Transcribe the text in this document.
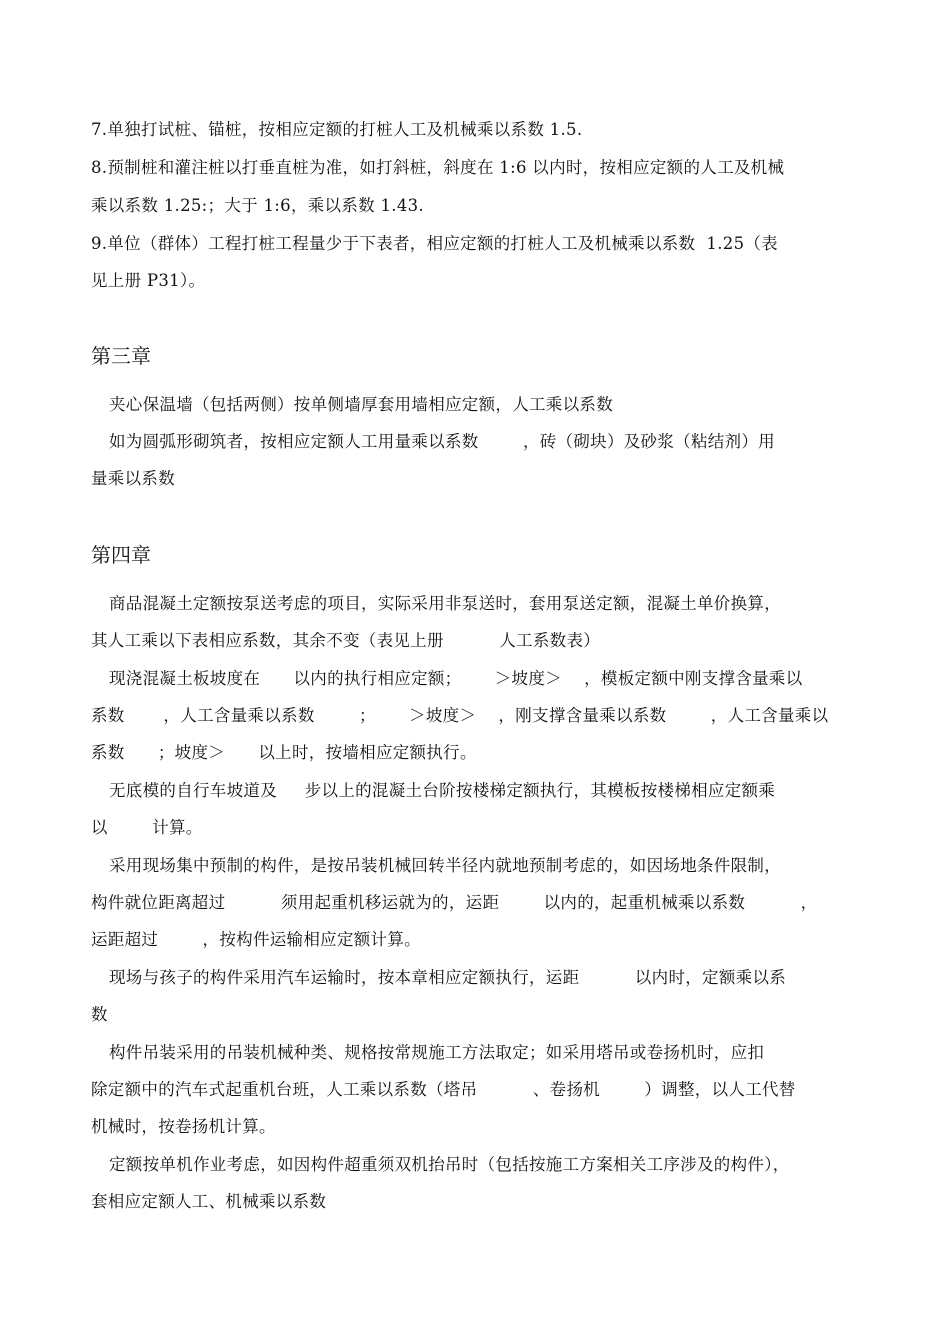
7.单独打试桩、锚桩，按相应定额的打桩人工及机械乘以系数 1.5.
8.预制桩和灌注桩以打垂直桩为准，如打斜桩，斜度在 1:6 以内时，按相应定额的人工及机械
乘以系数 1.25:；大于 1:6，乘以系数 1.43.
9.单位（群体）工程打桩工程量少于下表者，相应定额的打桩人工及机械乘以系数  1.25（表
见上册 P31）。
第三章
夹心保温墙（包括两侧）按单侧墙厚套用墙相应定额，人工乘以系数
如为圆弧形砌筑者，按相应定额人工用量乘以系数        ，砖（砌块）及砂浆（粘结剂）用
量乘以系数
第四章
商品混凝土定额按泵送考虑的项目，实际采用非泵送时，套用泵送定额，混凝土单价换算，
其人工乘以下表相应系数，其余不变（表见上册          人工系数表）
现浇混凝土板坡度在      以内的执行相应定额；      ＞坡度＞    ，模板定额中刚支撑含量乘以
系数       ，人工含量乘以系数        ；      ＞坡度＞    ，刚支撑含量乘以系数        ，人工含量乘以
系数      ；坡度＞      以上时，按墙相应定额执行。
无底模的自行车坡道及     步以上的混凝土台阶按楼梯定额执行，其模板按楼梯相应定额乘
以        计算。
采用现场集中预制的构件，是按吊装机械回转半径内就地预制考虑的，如因场地条件限制，
构件就位距离超过          须用起重机移运就为的，运距        以内的，起重机械乘以系数          ，
运距超过        ，按构件运输相应定额计算。
现场与孩子的构件采用汽车运输时，按本章相应定额执行，运距          以内时，定额乘以系
数
构件吊装采用的吊装机械种类、规格按常规施工方法取定；如采用塔吊或卷扬机时，应扣
除定额中的汽车式起重机台班，人工乘以系数（塔吊          、卷扬机        ）调整，以人工代替
机械时，按卷扬机计算。
定额按单机作业考虑，如因构件超重须双机抬吊时（包括按施工方案相关工序涉及的构件），
套相应定额人工、机械乘以系数
